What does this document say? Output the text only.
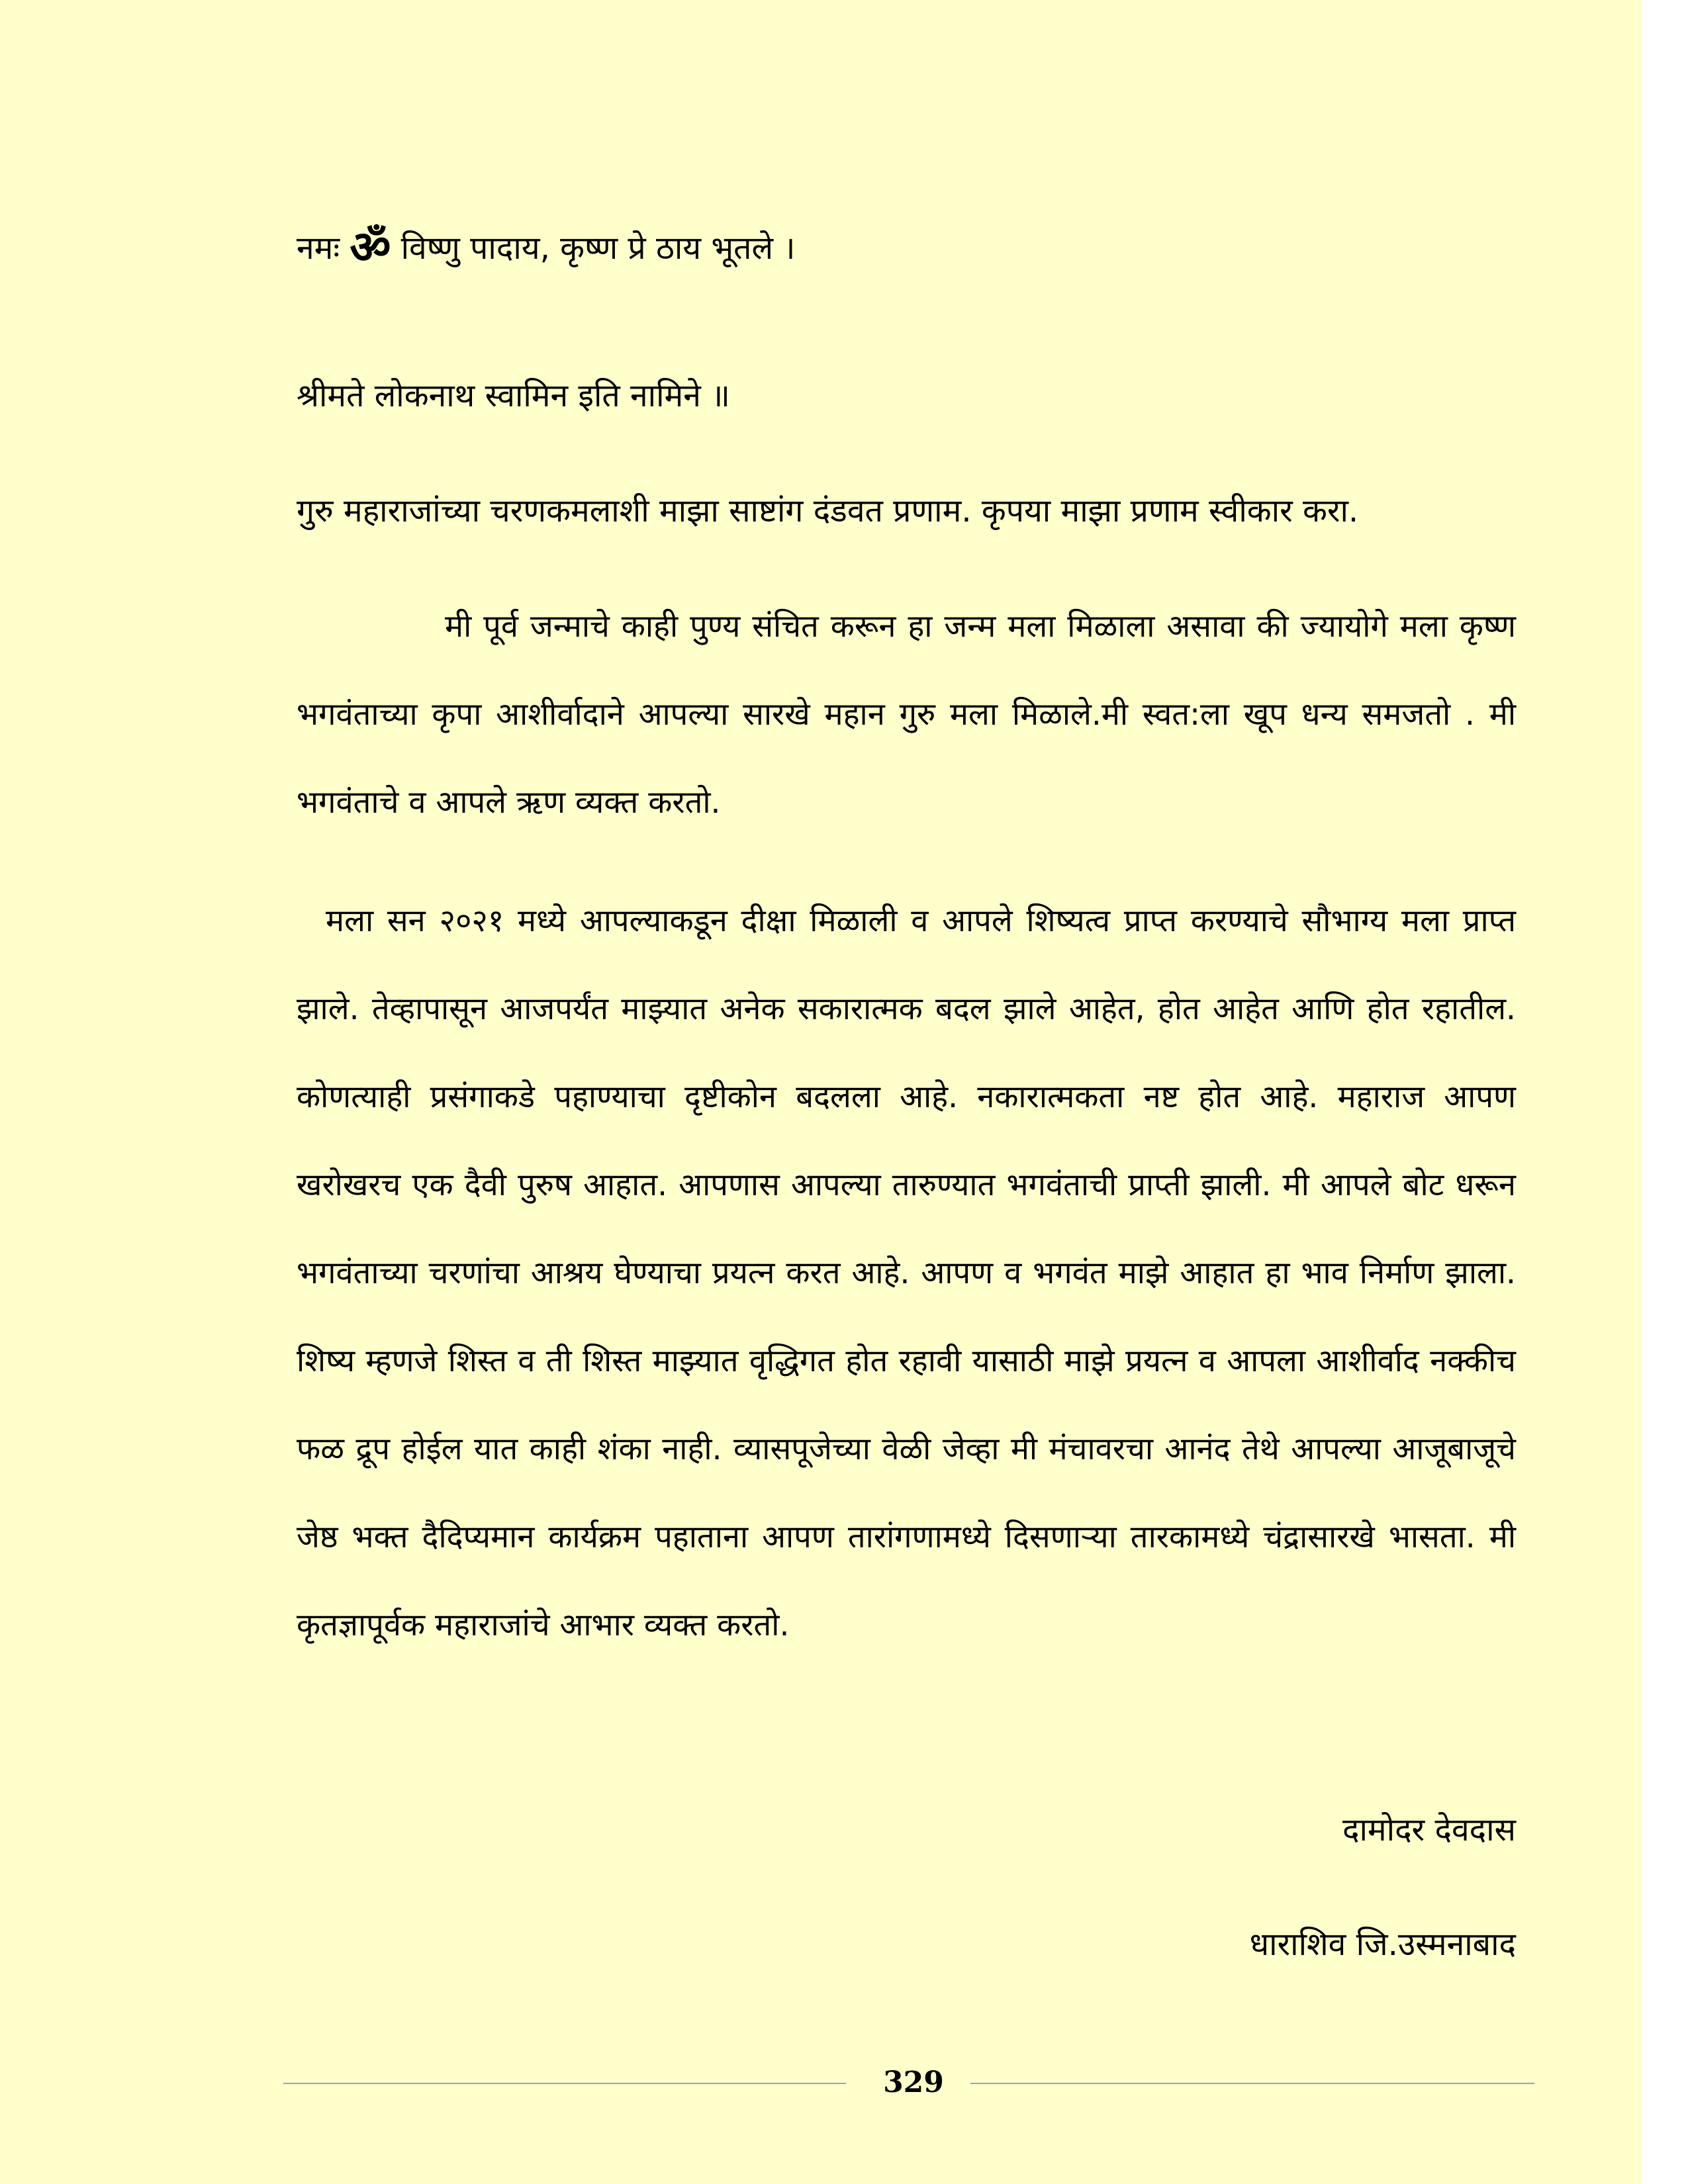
नमः ॐ विष्णु पादाय, कृष्ण प्रे ठाय भूतले ।

श्रीमते लोकनाथ स्वामिन इति नामिने ॥

गुरु महाराजांच्या चरणकमलाशी माझा साष्टांग दंडवत प्रणाम. कृपया माझा प्रणाम स्वीकार करा.

मी पूर्व जन्माचे काही पुण्य संचित करून हा जन्म मला मिळाला असावा की ज्यायोगे मला कृष्ण भगवंताच्या कृपा आशीर्वादाने आपल्या सारखे महान गुरु मला मिळाले.मी स्वत:ला खूप धन्य समजतो . मी भगवंताचे व आपले ऋण व्यक्त करतो.

मला सन २०२१ मध्ये आपल्याकडून दीक्षा मिळाली व आपले शिष्यत्व प्राप्त करण्याचे सौभाग्य मला प्राप्त झाले. तेव्हापासून आजपर्यंत माझ्यात अनेक सकारात्मक बदल झाले आहेत, होत आहेत आणि होत रहातील. कोणत्याही प्रसंगाकडे पहाण्याचा दृष्टीकोन बदलला आहे. नकारात्मकता नष्ट होत आहे. महाराज आपण खरोखरच एक दैवी पुरुष आहात. आपणास आपल्या तारुण्यात भगवंताची प्राप्ती झाली. मी आपले बोट धरून भगवंताच्या चरणांचा आश्रय घेण्याचा प्रयत्न करत आहे. आपण व भगवंत माझे आहात हा भाव निर्माण झाला. शिष्य म्हणजे शिस्त व ती शिस्त माझ्यात वृद्धिगत होत रहावी यासाठी माझे प्रयत्न व आपला आशीर्वाद नक्कीच फळ द्रूप होईल यात काही शंका नाही. व्यासपूजेच्या वेळी जेव्हा मी मंचावरचा आनंद तेथे आपल्या आजूबाजूचे जेष्ठ भक्त दैदिप्यमान कार्यक्रम पहाताना आपण तारांगणामध्ये दिसणाऱ्या तारकामध्ये चंद्रासारखे भासता. मी कृतज्ञापूर्वक महाराजांचे आभार व्यक्त करतो.

दामोदर देवदास

धाराशिव जि.उस्मनाबाद

329
